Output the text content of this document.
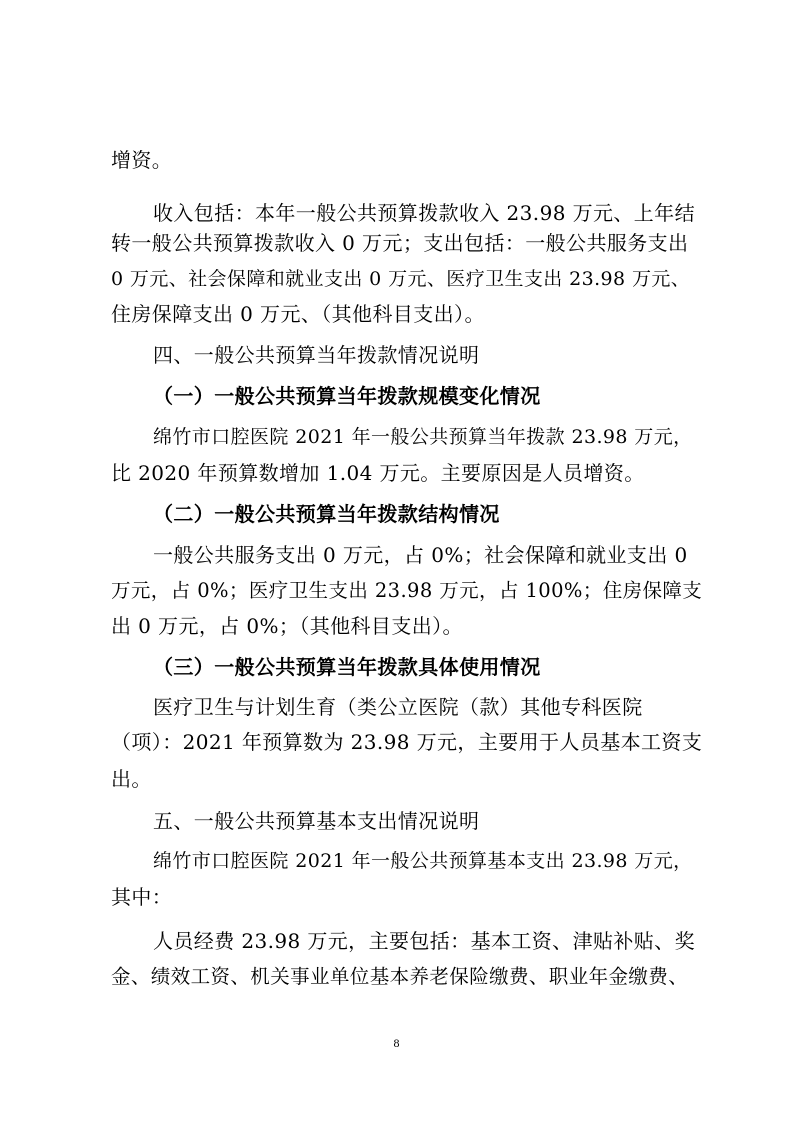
增资。
收入包括：本年一般公共预算拨款收入 23.98 万元、上年结
转一般公共预算拨款收入 0 万元；支出包括：一般公共服务支出
0 万元、社会保障和就业支出 0 万元、医疗卫生支出 23.98 万元、
住房保障支出 0 万元、（其他科目支出）。
四、一般公共预算当年拨款情况说明
（一）一般公共预算当年拨款规模变化情况
绵竹市口腔医院 2021 年一般公共预算当年拨款 23.98 万元，
比 2020 年预算数增加 1.04 万元。主要原因是人员增资。
（二）一般公共预算当年拨款结构情况
一般公共服务支出 0 万元，占 0%；社会保障和就业支出 0
万元，占 0%；医疗卫生支出 23.98 万元，占 100%；住房保障支
出 0 万元，占 0%；（其他科目支出）。
（三）一般公共预算当年拨款具体使用情况
医疗卫生与计划生育（类公立医院（款）其他专科医院
（项）：2021 年预算数为 23.98 万元，主要用于人员基本工资支
出。
五、一般公共预算基本支出情况说明
绵竹市口腔医院 2021 年一般公共预算基本支出 23.98 万元，
其中：
人员经费 23.98 万元，主要包括：基本工资、津贴补贴、奖
金、绩效工资、机关事业单位基本养老保险缴费、职业年金缴费、
8
